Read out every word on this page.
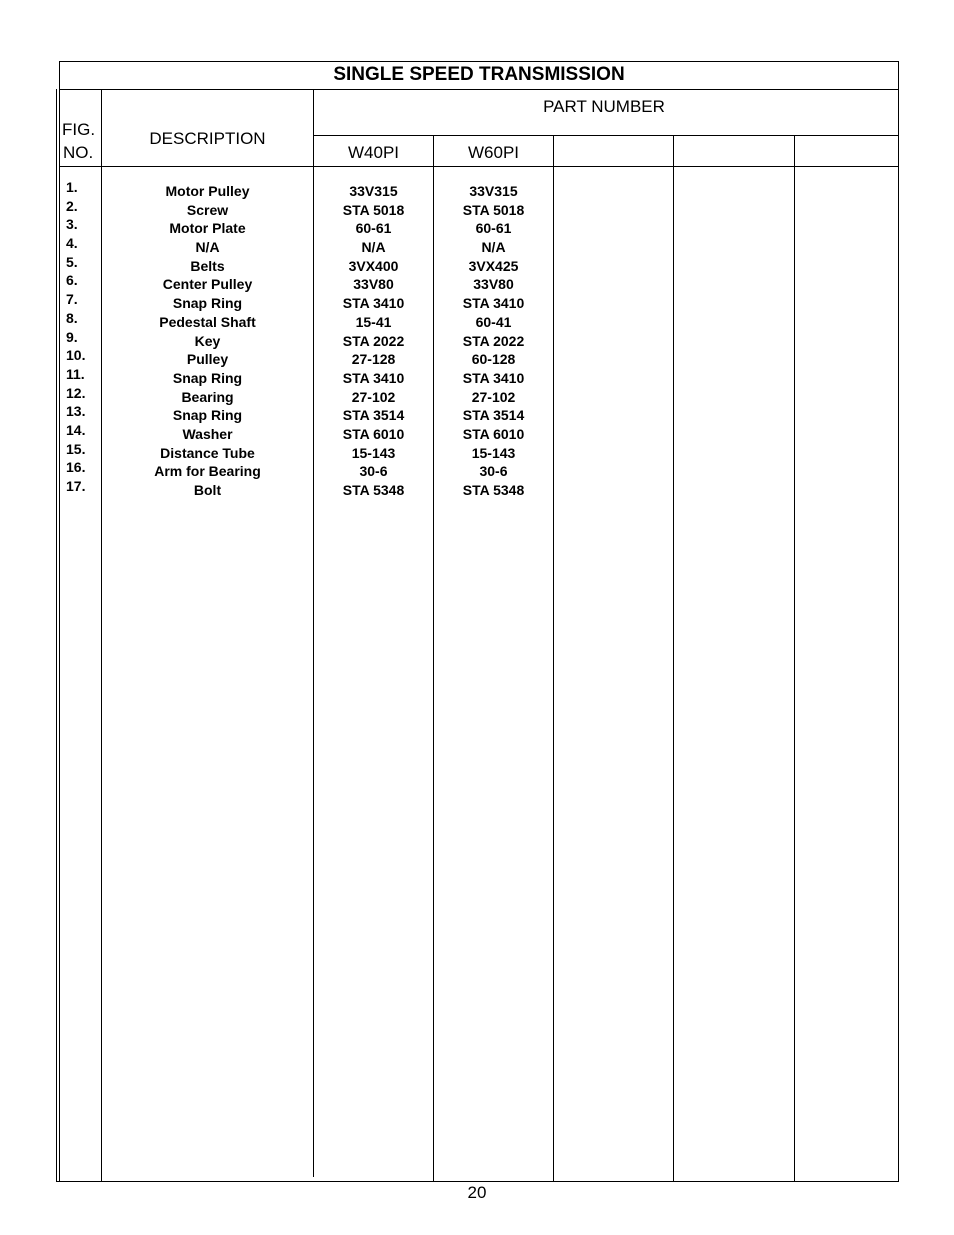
SINGLE SPEED TRANSMISSION
FIG.
NO.
DESCRIPTION
PART NUMBER
W40PI	W60PI
1.
2.
3.
4.
5.
6.
7.
8.
9.
10.
11.
12.
13.
14.
15.
16.
17.
Motor Pulley
Screw
Motor Plate
N/A
Belts
Center Pulley
Snap Ring
Pedestal Shaft
Key
Pulley
Snap Ring
Bearing
Snap Ring
Washer
Distance Tube
Arm for Bearing
Bolt
33V315
STA 5018
60-61
N/A
3VX400
33V80
STA 3410
15-41
STA 2022
27-128
STA 3410
27-102
STA 3514
STA 6010
15-143
30-6
STA 5348
33V315
STA 5018
60-61
N/A
3VX425
33V80
STA 3410
60-41
STA 2022
60-128
STA 3410
27-102
STA 3514
STA 6010
15-143
30-6
STA 5348
20
